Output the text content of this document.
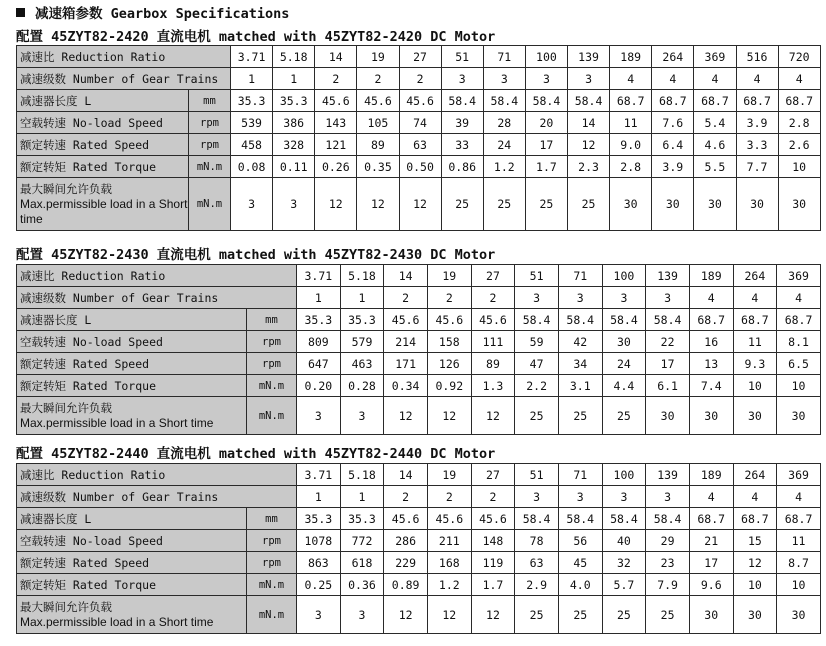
减速箱参数 Gearbox Specifications
配置 45ZYT82-2420 直流电机 matched with 45ZYT82-2420 DC Motor
减速比 Reduction Ratio		3.71	5.18	14	19	27	51	71	100	139	189	264	369	516	720
减速级数 Number of Gear Trains		1	1	2	2	2	3	3	3	3	4	4	4	4	4
减速器长度 L	mm	35.3	35.3	45.6	45.6	45.6	58.4	58.4	58.4	58.4	68.7	68.7	68.7	68.7	68.7
空载转速 No-load Speed	rpm	539	386	143	105	74	39	28	20	14	11	7.6	5.4	3.9	2.8
额定转速 Rated Speed	rpm	458	328	121	89	63	33	24	17	12	9.0	6.4	4.6	3.3	2.6
额定转矩 Rated Torque	mN.m	0.08	0.11	0.26	0.35	0.50	0.86	1.2	1.7	2.3	2.8	3.9	5.5	7.7	10

最大瞬间允许负载
Max.permissible load in a Short time	mN.m	3	3	12	12	12	25	25	25	25	30	30	30	30	30
配置 45ZYT82-2430 直流电机 matched with 45ZYT82-2430 DC Motor
减速比 Reduction Ratio		3.71	5.18	14	19	27	51	71	100	139	189	264	369
减速级数 Number of Gear Trains		1	1	2	2	2	3	3	3	3	4	4	4
减速器长度 L	mm	35.3	35.3	45.6	45.6	45.6	58.4	58.4	58.4	58.4	68.7	68.7	68.7
空载转速 No-load Speed	rpm	809	579	214	158	111	59	42	30	22	16	11	8.1
额定转速 Rated Speed	rpm	647	463	171	126	89	47	34	24	17	13	9.3	6.5
额定转矩 Rated Torque	mN.m	0.20	0.28	0.34	0.92	1.3	2.2	3.1	4.4	6.1	7.4	10	10

最大瞬间允许负载
Max.permissible load in a Short time	mN.m	3	3	12	12	12	25	25	25	30	30	30	30
配置 45ZYT82-2440 直流电机 matched with 45ZYT82-2440 DC Motor
减速比 Reduction Ratio		3.71	5.18	14	19	27	51	71	100	139	189	264	369
减速级数 Number of Gear Trains		1	1	2	2	2	3	3	3	3	4	4	4
减速器长度 L	mm	35.3	35.3	45.6	45.6	45.6	58.4	58.4	58.4	58.4	68.7	68.7	68.7
空载转速 No-load Speed	rpm	1078	772	286	211	148	78	56	40	29	21	15	11
额定转速 Rated Speed	rpm	863	618	229	168	119	63	45	32	23	17	12	8.7
额定转矩 Rated Torque	mN.m	0.25	0.36	0.89	1.2	1.7	2.9	4.0	5.7	7.9	9.6	10	10

最大瞬间允许负载
Max.permissible load in a Short time	mN.m	3	3	12	12	12	25	25	25	25	30	30	30
